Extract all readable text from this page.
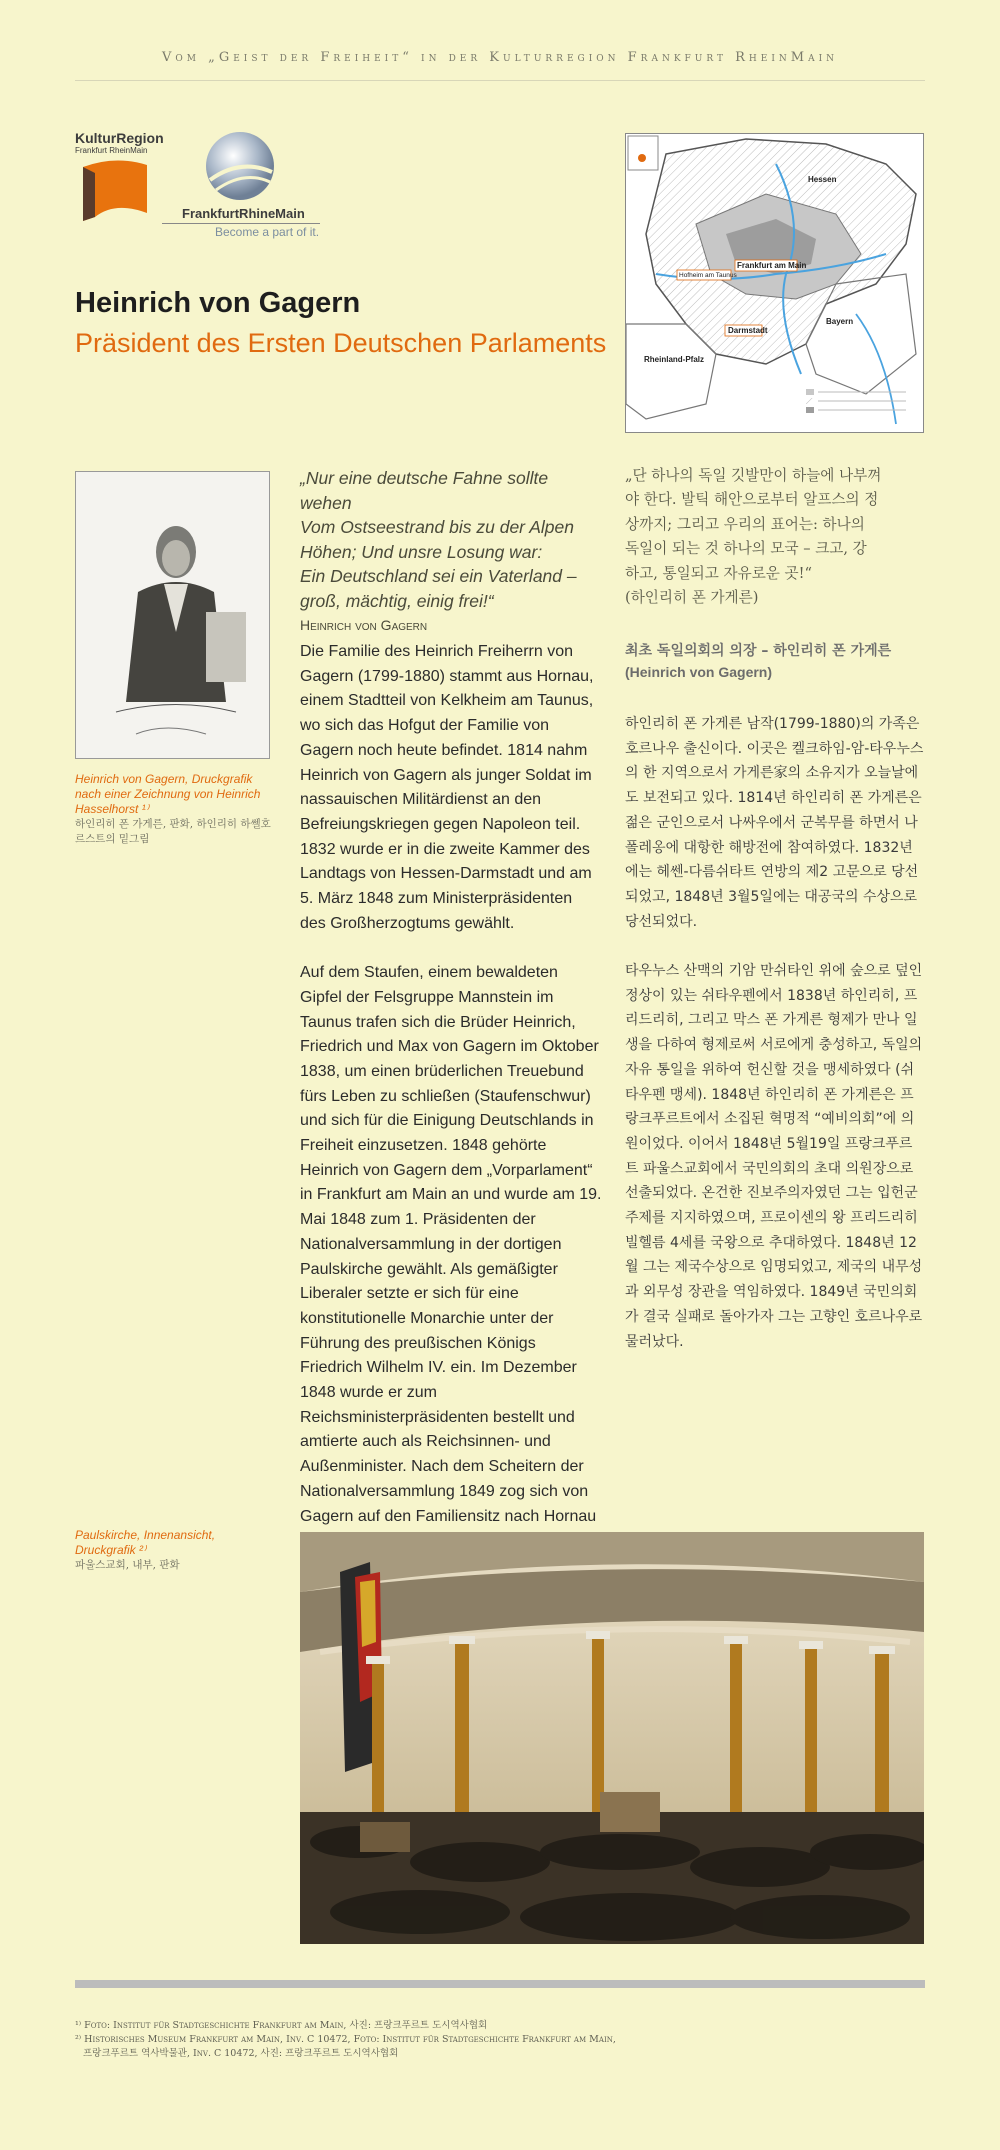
Vom „Geist der Freiheit“ in der Kulturregion Frankfurt RheinMain
KulturRegion
Frankfurt RheinMain
FrankfurtRhineMain
Become a part of it.
Heinrich von Gagern
Präsident des Ersten Deutschen Parlaments
Hessen
Frankfurt am Main
Hofheim am Taunus
Darmstadt
Bayern
Rheinland-Pfalz
Heinrich von Gagern, Druckgrafik nach einer Zeichnung von Heinrich Hasselhorst ¹⁾
하인리히 폰 가게른, 판화, 하인리히 하쎌호르스트의 밑그림
„Nur eine deutsche Fahne sollte wehen
Vom Ostseestrand bis zu der Alpen
Höhen; Und unsre Losung war:
Ein Deutschland sei ein Vaterland –
groß, mächtig, einig frei!“
Heinrich von Gagern

Die Familie des Heinrich Freiherrn von Gagern (1799-1880) stammt aus Hornau, einem Stadtteil von Kelkheim am Taunus, wo sich das Hofgut der Familie von Gagern noch heute befindet. 1814 nahm Heinrich von Gagern als junger Soldat im nassauischen Militärdienst an den Befreiungskriegen gegen Napoleon teil. 1832 wurde er in die zweite Kammer des Landtags von Hessen-Darmstadt und am 5. März 1848 zum Ministerpräsidenten des Großherzogtums gewählt.

Auf dem Staufen, einem bewaldeten Gipfel der Felsgruppe Mannstein im Taunus trafen sich die Brüder Heinrich, Friedrich und Max von Gagern im Oktober 1838, um einen brüderlichen Treuebund fürs Leben zu schließen (Staufenschwur) und sich für die Einigung Deutschlands in Freiheit einzusetzen. 1848 gehörte Heinrich von Gagern dem „Vorparlament“ in Frankfurt am Main an und wurde am 19. Mai 1848 zum 1. Präsidenten der Nationalversammlung in der dortigen Paulskirche gewählt. Als gemäßigter Liberaler setzte er sich für eine konstitutionelle Monarchie unter der Führung des preußischen Königs Friedrich Wilhelm IV. ein. Im Dezember 1848 wurde er zum Reichsministerpräsidenten bestellt und amtierte auch als Reichsinnen- und Außenminister. Nach dem Scheitern der Nationalversammlung 1849 zog sich von Gagern auf den Familiensitz nach Hornau

„단 하나의 독일 깃발만이 하늘에 나부껴
야 한다. 발틱 해안으로부터 알프스의 정
상까지; 그리고 우리의 표어는: 하나의
독일이 되는 것 하나의 모국 – 크고, 강
하고, 통일되고 자유로운 곳!“
(하인리히 폰 가게른)
최초 독일의회의 의장 – 하인리히 폰 가게른
(Heinrich von Gagern)

하인리히 폰 가게른 남작(1799-1880)의 가족은 호르나우 출신이다. 이곳은 켈크하임-암-타우누스의 한 지역으로서 가게른家의 소유지가 오늘날에도 보전되고 있다. 1814년 하인리히 폰 가게른은 젊은 군인으로서 나싸우에서 군복무를 하면서 나폴레옹에 대항한 해방전에 참여하였다. 1832년에는 헤쎈-다름쉬타트 연방의 제2 고문으로 당선되었고, 1848년 3월5일에는 대공국의 수상으로 당선되었다.

타우누스 산맥의 기암 만쉬타인 위에 숲으로 덮인 정상이 있는 쉬타우펜에서 1838년 하인리히, 프리드리히, 그리고 막스 폰 가게른 형제가 만나 일생을 다하여 형제로써 서로에게 충성하고, 독일의 자유 통일을 위하여 헌신할 것을 맹세하였다 (쉬타우펜 맹세). 1848년 하인리히 폰 가게른은 프랑크푸르트에서 소집된 혁명적 “예비의회”에 의원이었다. 이어서 1848년 5월19일 프랑크푸르트 파울스교회에서 국민의회의 초대 의원장으로 선출되었다. 온건한 진보주의자였던 그는 입헌군주제를 지지하였으며, 프로이센의 왕 프리드리히 빌헬름 4세를 국왕으로 추대하였다. 1848년 12월 그는 제국수상으로 임명되었고, 제국의 내무성과 외무성 장관을 역임하였다. 1849년 국민의회가 결국 실패로 돌아가자 그는 고향인 호르나우로 물러났다.

Paulskirche, Innenansicht, Druckgrafik ²⁾
파울스교회, 내부, 판화
¹⁾ Foto: Institut für Stadtgeschichte Frankfurt am Main, 사진: 프랑크푸르트 도시역사협회
²⁾ Historisches Museum Frankfurt am Main, Inv. C 10472, Foto: Institut für Stadtgeschichte Frankfurt am Main,
프랑크푸르트 역사박물관, Inv. C 10472, 사진: 프랑크푸르트 도시역사협회
